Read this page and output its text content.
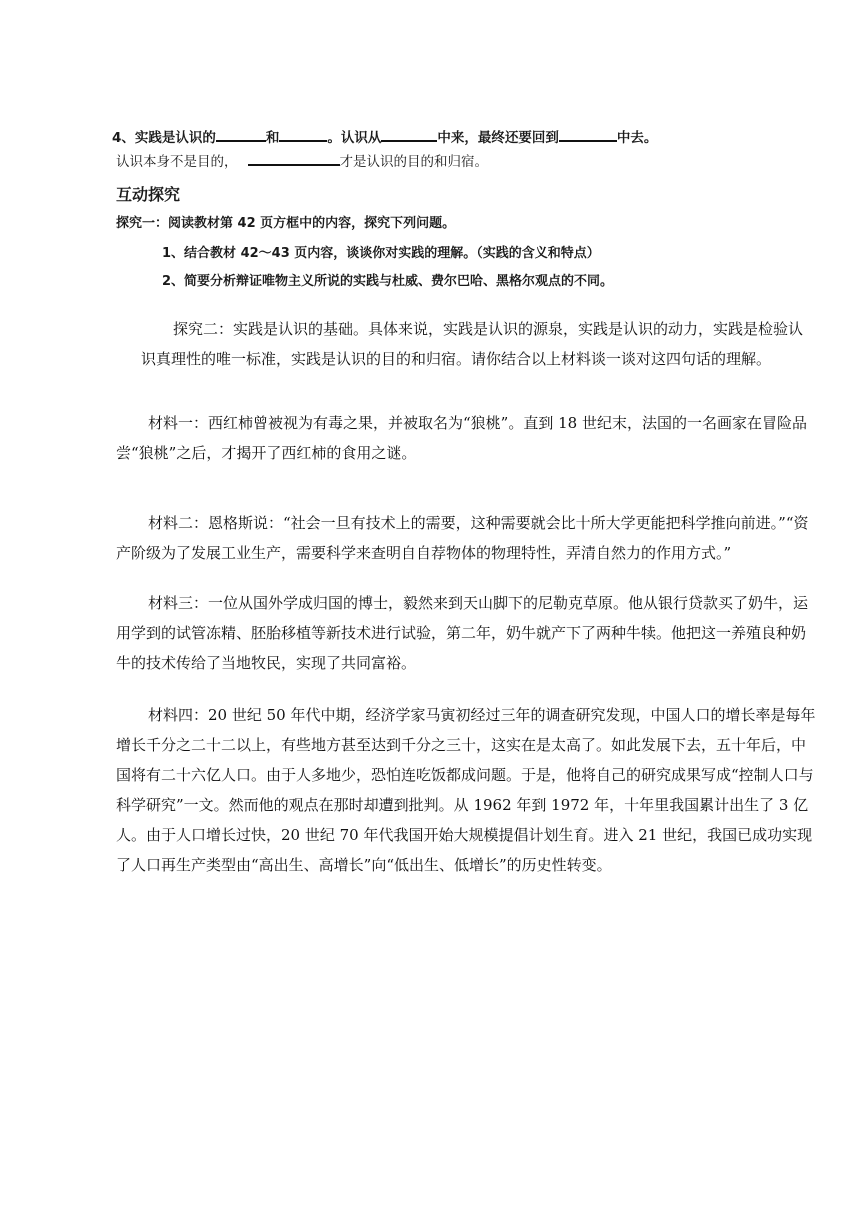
4、实践是认识的	和	。认识从	中来，最终还要回到	中去。
认识本身不是目的，	才是认识的目的和归宿。
互动探究
探究一：阅读教材第 42 页方框中的内容，探究下列问题。
1、结合教材 42～43 页内容，谈谈你对实践的理解。（实践的含义和特点）
2、简要分析辩证唯物主义所说的实践与杜威、费尔巴哈、黑格尔观点的不同。
探究二：实践是认识的基础。具体来说，实践是认识的源泉，实践是认识的动力，实践是检验认识真理性的唯一标准，实践是认识的目的和归宿。请你结合以上材料谈一谈对这四句话的理解。
材料一：西红柿曾被视为有毒之果，并被取名为“狼桃”。直到 18 世纪末，法国的一名画家在冒险品尝“狼桃”之后，才揭开了西红柿的食用之谜。
材料二：恩格斯说：“社会一旦有技术上的需要，这种需要就会比十所大学更能把科学推向前进。”“资产阶级为了发展工业生产，需要科学来查明自自荐物体的物理特性，弄清自然力的作用方式。”
材料三：一位从国外学成归国的博士，毅然来到天山脚下的尼勒克草原。他从银行贷款买了奶牛，运用学到的试管冻精、胚胎移植等新技术进行试验，第二年，奶牛就产下了两种牛犊。他把这一养殖良种奶牛的技术传给了当地牧民，实现了共同富裕。
材料四：20 世纪 50 年代中期，经济学家马寅初经过三年的调查研究发现，中国人口的增长率是每年增长千分之二十二以上，有些地方甚至达到千分之三十，这实在是太高了。如此发展下去，五十年后，中国将有二十六亿人口。由于人多地少，恐怕连吃饭都成问题。于是，他将自己的研究成果写成“控制人口与科学研究”一文。然而他的观点在那时却遭到批判。从 1962 年到 1972 年，十年里我国累计出生了 3 亿人。由于人口增长过快，20 世纪 70 年代我国开始大规模提倡计划生育。进入 21 世纪，我国已成功实现了人口再生产类型由“高出生、高增长”向“低出生、低增长”的历史性转变。
